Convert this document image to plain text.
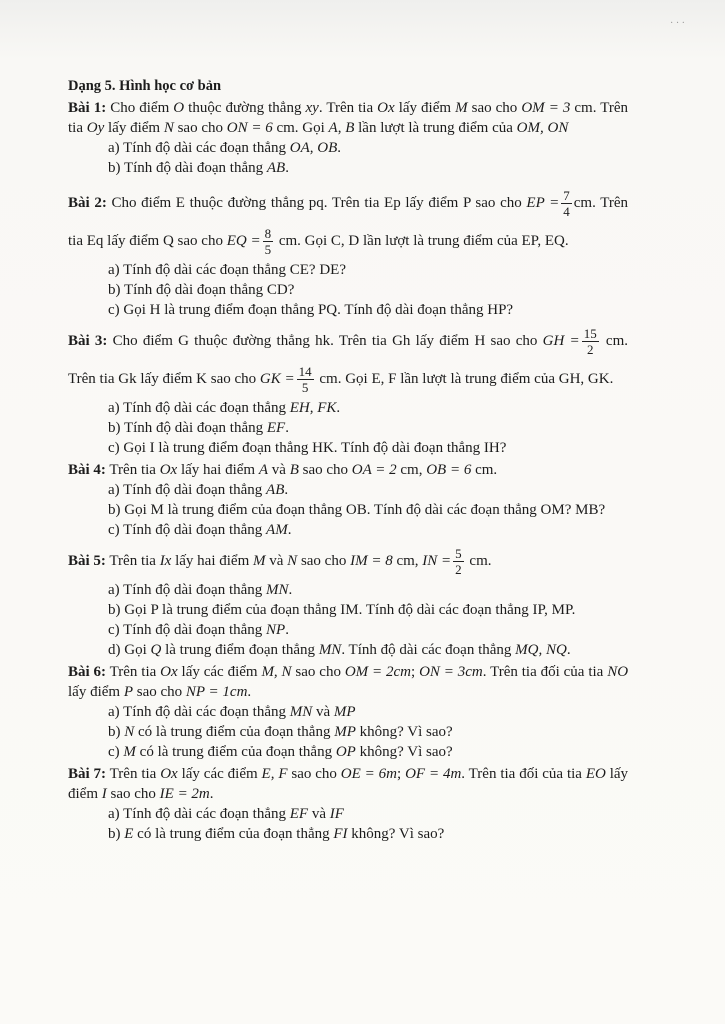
· · ·
Dạng 5. Hình học cơ bản
Bài 1: Cho điểm O thuộc đường thẳng xy. Trên tia Ox lấy điểm M sao cho OM = 3 cm. Trên tia Oy lấy điểm N sao cho ON = 6 cm. Gọi A, B lần lượt là trung điểm của OM, ON
a) Tính độ dài các đoạn thẳng OA, OB.
b) Tính độ dài đoạn thẳng AB.
Bài 2: Cho điểm E thuộc đường thẳng pq. Trên tia Ep lấy điểm P sao cho EP = $\frac{7}{4}$ cm. Trên tia Eq lấy điểm Q sao cho EQ = $\frac{8}{5}$ cm. Gọi C, D lần lượt là trung điểm của EP, EQ.
a) Tính độ dài các đoạn thẳng CE? DE?
b) Tính độ dài đoạn thẳng CD?
c) Gọi H là trung điểm đoạn thẳng PQ. Tính độ dài đoạn thẳng HP?
Bài 3: Cho điểm G thuộc đường thẳng hk. Trên tia Gh lấy điểm H sao cho GH = $\frac{15}{2}$ cm. Trên tia Gk lấy điểm K sao cho GK = $\frac{14}{5}$ cm. Gọi E, F lần lượt là trung điểm của GH, GK.
a) Tính độ dài các đoạn thẳng EH, FK.
b) Tính độ dài đoạn thẳng EF.
c) Gọi I là trung điểm đoạn thẳng HK. Tính độ dài đoạn thẳng IH?
Bài 4: Trên tia Ox lấy hai điểm A và B sao cho OA = 2 cm, OB = 6 cm.
a) Tính độ dài đoạn thẳng AB.
b) Gọi M là trung điểm của đoạn thẳng OB. Tính độ dài các đoạn thẳng OM? MB?
c) Tính độ dài đoạn thẳng AM.
Bài 5: Trên tia Ix lấy hai điểm M và N sao cho IM = 8 cm, IN = $\frac{5}{2}$ cm.
a) Tính độ dài đoạn thẳng MN.
b) Gọi P là trung điểm của đoạn thẳng IM. Tính độ dài các đoạn thẳng IP, MP.
c) Tính độ dài đoạn thẳng NP.
d) Gọi Q là trung điểm đoạn thẳng MN. Tính độ dài các đoạn thẳng MQ, NQ.
Bài 6: Trên tia Ox lấy các điểm M, N sao cho OM = 2cm; ON = 3cm. Trên tia đối của tia NO lấy điểm P sao cho NP = 1cm.
a) Tính độ dài các đoạn thẳng MN và MP
b) N có là trung điểm của đoạn thẳng MP không? Vì sao?
c) M có là trung điểm của đoạn thẳng OP không? Vì sao?
Bài 7: Trên tia Ox lấy các điểm E, F sao cho OE = 6m; OF = 4m. Trên tia đối của tia EO lấy điểm I sao cho IE = 2m.
a) Tính độ dài các đoạn thẳng EF và IF
b) E có là trung điểm của đoạn thẳng FI không? Vì sao?
